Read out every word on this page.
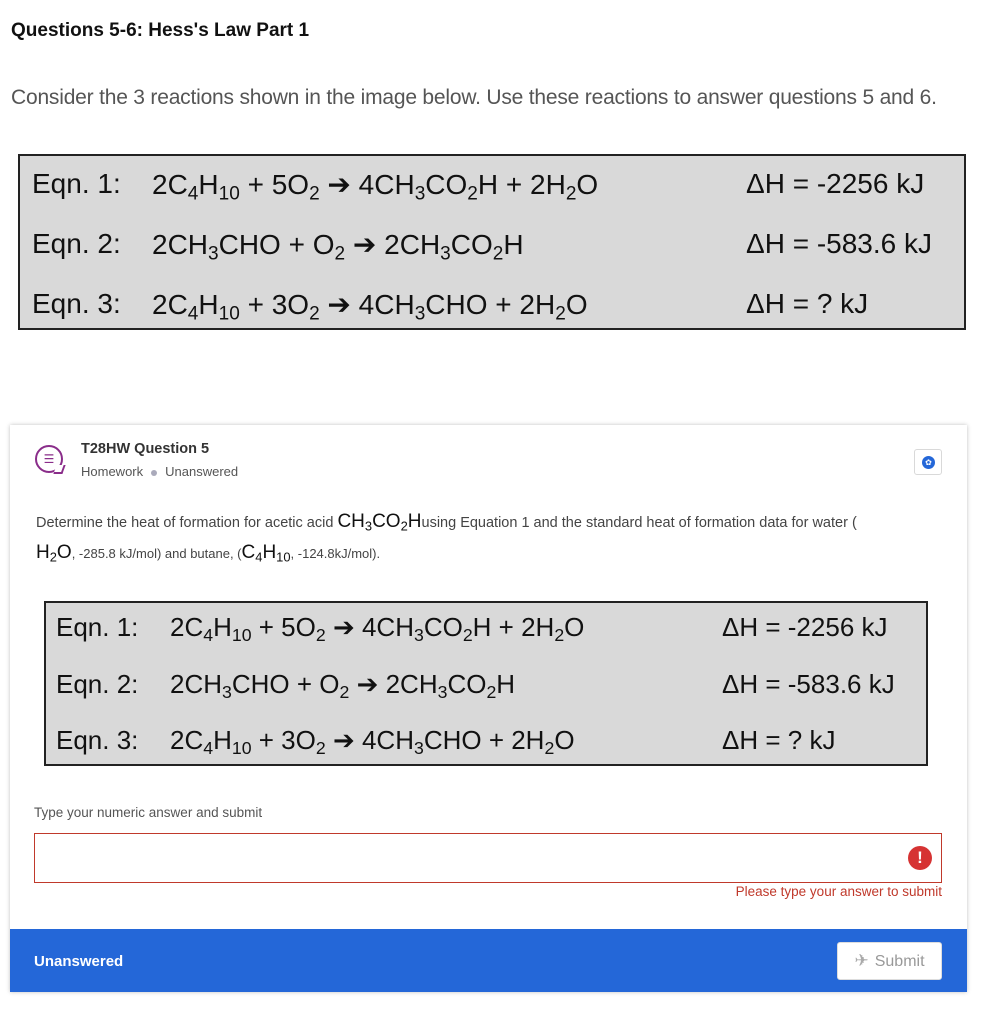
Questions 5-6: Hess's Law Part 1
Consider the 3 reactions shown in the image below. Use these reactions to answer questions 5 and 6.
Eqn. 1: $2C_4H_{10} + 5O_2$ ➔ $4CH_3CO_2H + 2H_2O$	ΔH = -2256 kJ
Eqn. 2: $2CH_3CHO + O_2$ ➔ $2CH_3CO_2H$	ΔH = -583.6 kJ
Eqn. 3: $2C_4H_{10} + 3O_2$ ➔ $4CH_3CHO + 2H_2O$	ΔH = ? kJ
☰
T28HW Question 5
Homework Unanswered
✿
Determine the heat of formation for acetic acid $CH_3CO_2Husing$ Equation 1 and the standard heat of formation data for water (
$H_2O$, -285.8 kJ/mol) and butane, ($C_4H_{10}$, -124.8kJ/mol).
Eqn. 1: $2C_4H_{10} + 5O_2$ ➔ $4CH_3CO_2H + 2H_2O$	ΔH = -2256 kJ
Eqn. 2: $2CH_3CHO + O_2$ ➔ $2CH_3CO_2H$	ΔH = -583.6 kJ
Eqn. 3: $2C_4H_{10} + 3O_2$ ➔ $4CH_3CHO + 2H_2O$	ΔH = ? kJ
Type your numeric answer and submit
!
Please type your answer to submit
Unanswered	✈ Submit
